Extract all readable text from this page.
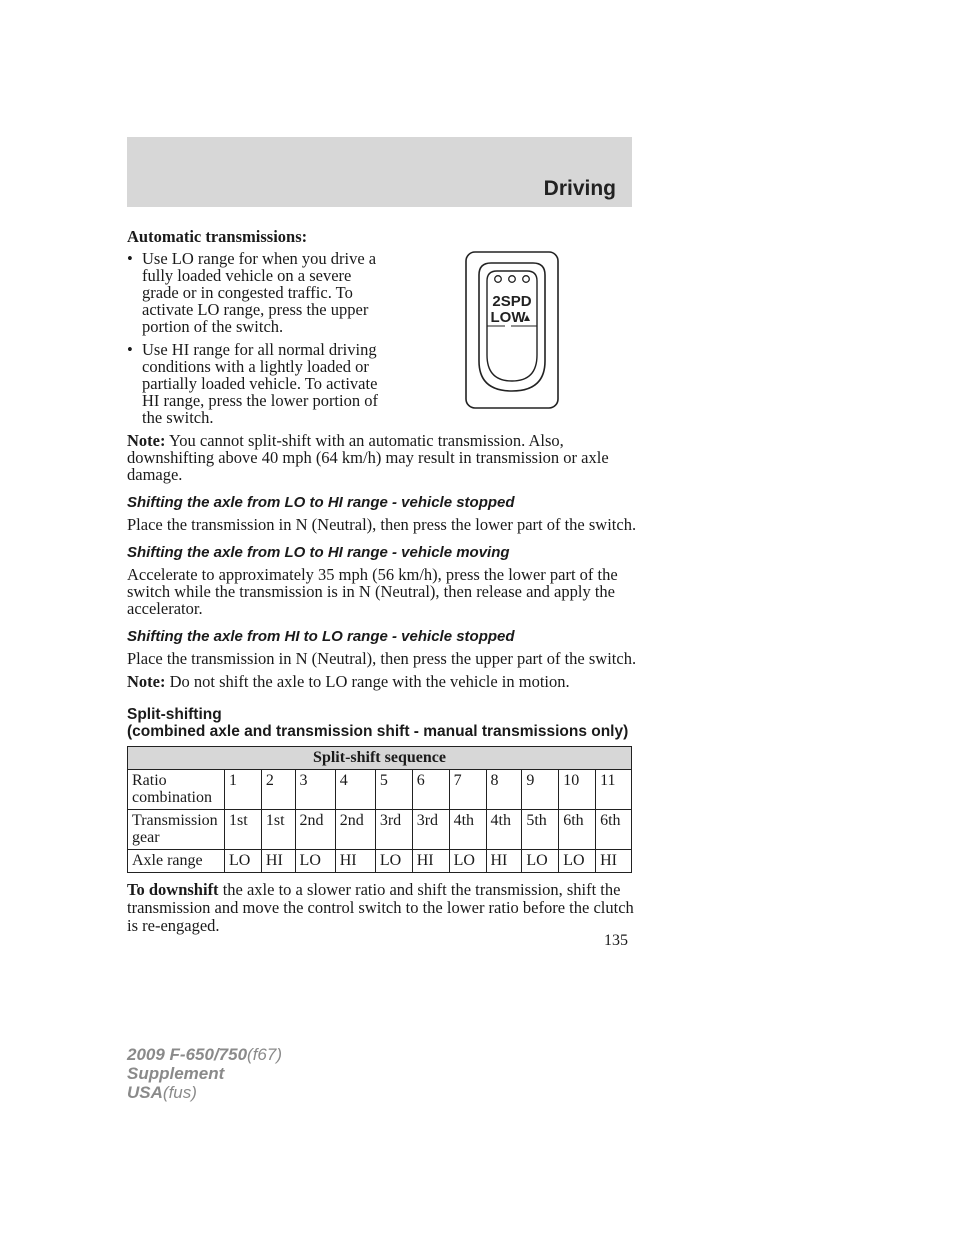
Driving
2SPD
LOW
Automatic transmissions:
• Use LO range for when you drive a fully loaded vehicle on a severe grade or in congested traffic. To activate LO range, press the upper portion of the switch.
• Use HI range for all normal driving conditions with a lightly loaded or partially loaded vehicle. To activate HI range, press the lower portion of the switch.

Note: You cannot split-shift with an automatic transmission. Also, downshifting above 40 mph (64 km/h) may result in transmission or axle damage.

Shifting the axle from LO to HI range - vehicle stopped

Place the transmission in N (Neutral), then press the lower part of the switch.

Shifting the axle from LO to HI range - vehicle moving

Accelerate to approximately 35 mph (56 km/h), press the lower part of the switch while the transmission is in N (Neutral), then release and apply the accelerator.

Shifting the axle from HI to LO range - vehicle stopped

Place the transmission in N (Neutral), then press the upper part of the switch.

Note: Do not shift the axle to LO range with the vehicle in motion.

Split-shifting
(combined axle and transmission shift - manual transmissions only)
Split-shift sequence											
Ratio combination	1	2	3	4	5	6	7	8	9	10	11
Transmission gear	1st	1st	2nd	2nd	3rd	3rd	4th	4th	5th	6th	6th
Axle range	LO	HI	LO	HI	LO	HI	LO	HI	LO	LO	HI

To downshift the axle to a slower ratio and shift the transmission, shift the transmission and move the control switch to the lower ratio before the clutch is re-engaged.

135
2009 F-650/750(f67)
Supplement
USA(fus)
